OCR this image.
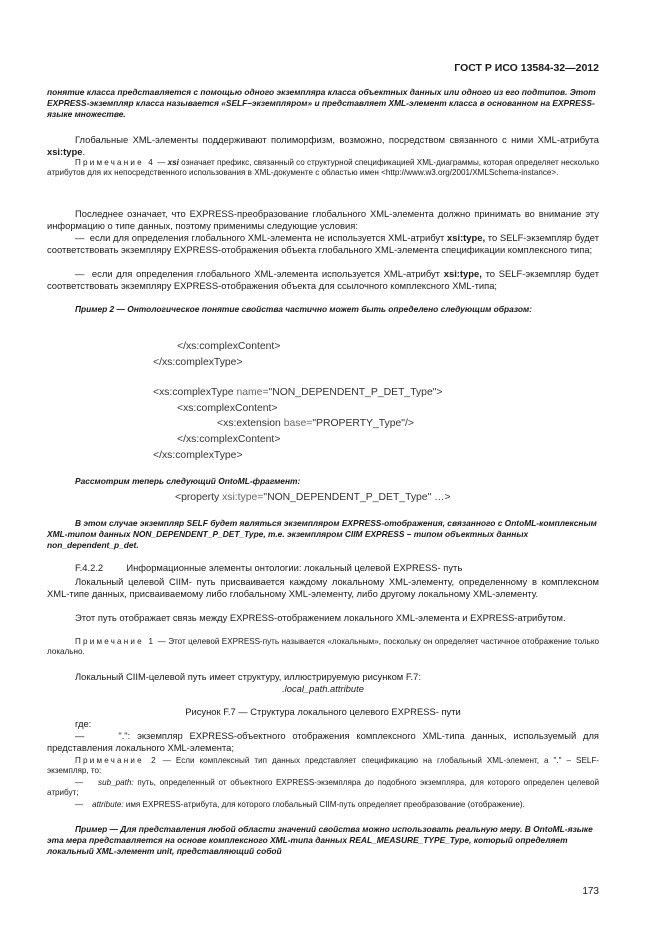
ГОСТ Р ИСО 13584-32—2012

понятие класса представляется с помощью одного экземпляра класса объектных данных или одного из его подтипов. Этот EXPRESS-экземпляр класса называется «SELF–экземпляром» и представляет XML-элемент класса в основанном на EXPRESS-языке множестве.

Глобальные XML-элементы поддерживают полиморфизм, возможно, посредством связанного с ними XML-атрибута xsi:type.

Примечание 4 — xsi означает префикс, связанный со структурной спецификацией XML-диаграммы, которая определяет несколько атрибутов для их непосредственного использования в XML-документе с областью имен <http://www.w3.org/2001/XMLSchema-instance>.

Последнее означает, что EXPRESS-преобразование глобального XML-элемента должно принимать во внимание эту информацию о типе данных, поэтому применимы следующие условия:

—  если для определения глобального XML-элемента не используется XML-атрибут xsi:type, то SELF-экземпляр будет соответствовать экземпляру EXPRESS-отображения объекта глобального XML-элемента спецификации комплексного типа;

—  если для определения глобального XML-элемента используется XML-атрибут xsi:type, то SELF-экземпляр будет соответствовать экземпляру EXPRESS-отображения объекта для ссылочного комплексного XML-типа;

Пример 2 — Онтологическое понятие свойства частично может быть определено следующим образом:

</xs:complexContent>
</xs:complexType>
<xs:complexType name="NON_DEPENDENT_P_DET_Type">
<xs:complexContent>
<xs:extension base="PROPERTY_Type"/>
</xs:complexContent>
</xs:complexType>

Рассмотрим теперь следующий OntoML-фрагмент:

<property xsi:type="NON_DEPENDENT_P_DET_Type" …>

В этом случае экземпляр SELF будет являться экземпляром EXPRESS-отображения, связанного с OntoML-комплексным XML-типом данных NON_DEPENDENT_P_DET_Type, т.е. экземпляром CIIM EXPRESS – типом объектных данных non_dependent_p_det.

F.4.2.2 Информационные элементы онтологии: локальный целевой EXPRESS- путь

Локальный целевой CIIM- путь присваивается каждому локальному XML-элементу, определенному в комплексном XML-типе данных, присваиваемому либо глобальному XML-элементу, либо другому локальному XML-элементу.

Этот путь отображает связь между EXPRESS-отображением локального XML-элемента и EXPRESS-атрибутом.

Примечание 1 — Этот целевой EXPRESS-путь называется «локальным», поскольку он определяет частичное отображение только локально.

Локальный CIIM-целевой путь имеет структуру, иллюстрируемую рисунком F.7:

.local_path.attribute

Рисунок F.7 — Структура локального целевого EXPRESS- пути

где:

—     ".": экземпляр EXPRESS-объектного отображения комплексного XML-типа данных, используемый для представления локального XML-элемента;

Примечание 2 — Если комплексный тип данных представляет спецификацию на глобальный XML-элемент, а "." – SELF-экземпляр, то:

—    sub_path: путь, определенный от объектного EXPRESS-экземпляра до подобного экземпляра, для которого определен целевой атрибут;

—    attribute: имя EXPRESS-атрибута, для которого глобальный CIIM-путь определяет преобразование (отображение).

Пример — Для представления любой области значений свойства можно использовать реальную меру. В OntoML-языке эта мера представляется на основе комплексного XML-типа данных REAL_MEASURE_TYPE_Type, который определяет локальный XML-элемент unit, представляющий собой

173
